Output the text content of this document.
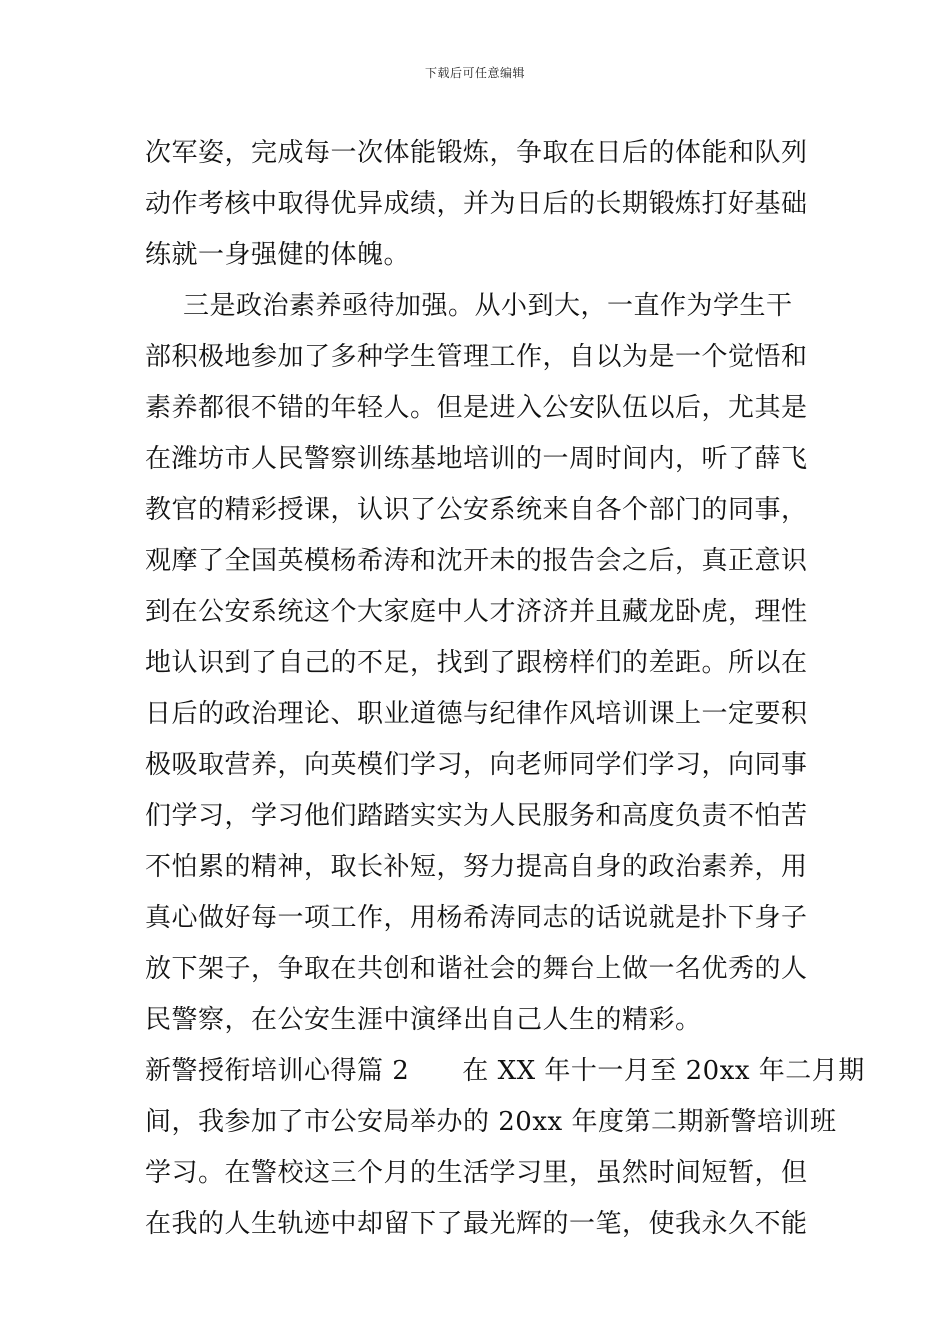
下载后可任意编辑
次军姿，完成每一次体能锻炼，争取在日后的体能和队列
动作考核中取得优异成绩，并为日后的长期锻炼打好基础
练就一身强健的体魄。
三是政治素养亟待加强。从小到大，一直作为学生干
部积极地参加了多种学生管理工作，自以为是一个觉悟和
素养都很不错的年轻人。但是进入公安队伍以后，尤其是
在潍坊市人民警察训练基地培训的一周时间内，听了薛飞
教官的精彩授课，认识了公安系统来自各个部门的同事，
观摩了全国英模杨希涛和沈开未的报告会之后，真正意识
到在公安系统这个大家庭中人才济济并且藏龙卧虎，理性
地认识到了自己的不足，找到了跟榜样们的差距。所以在
日后的政治理论、职业道德与纪律作风培训课上一定要积
极吸取营养，向英模们学习，向老师同学们学习，向同事
们学习，学习他们踏踏实实为人民服务和高度负责不怕苦
不怕累的精神，取长补短，努力提高自身的政治素养，用
真心做好每一项工作，用杨希涛同志的话说就是扑下身子
放下架子，争取在共创和谐社会的舞台上做一名优秀的人
民警察，在公安生涯中演绎出自己人生的精彩。
新警授衔培训心得篇 2　　在 XX 年十一月至 20xx 年二月期
间，我参加了市公安局举办的 20xx 年度第二期新警培训班
学习。在警校这三个月的生活学习里，虽然时间短暂，但
在我的人生轨迹中却留下了最光辉的一笔，使我永久不能
